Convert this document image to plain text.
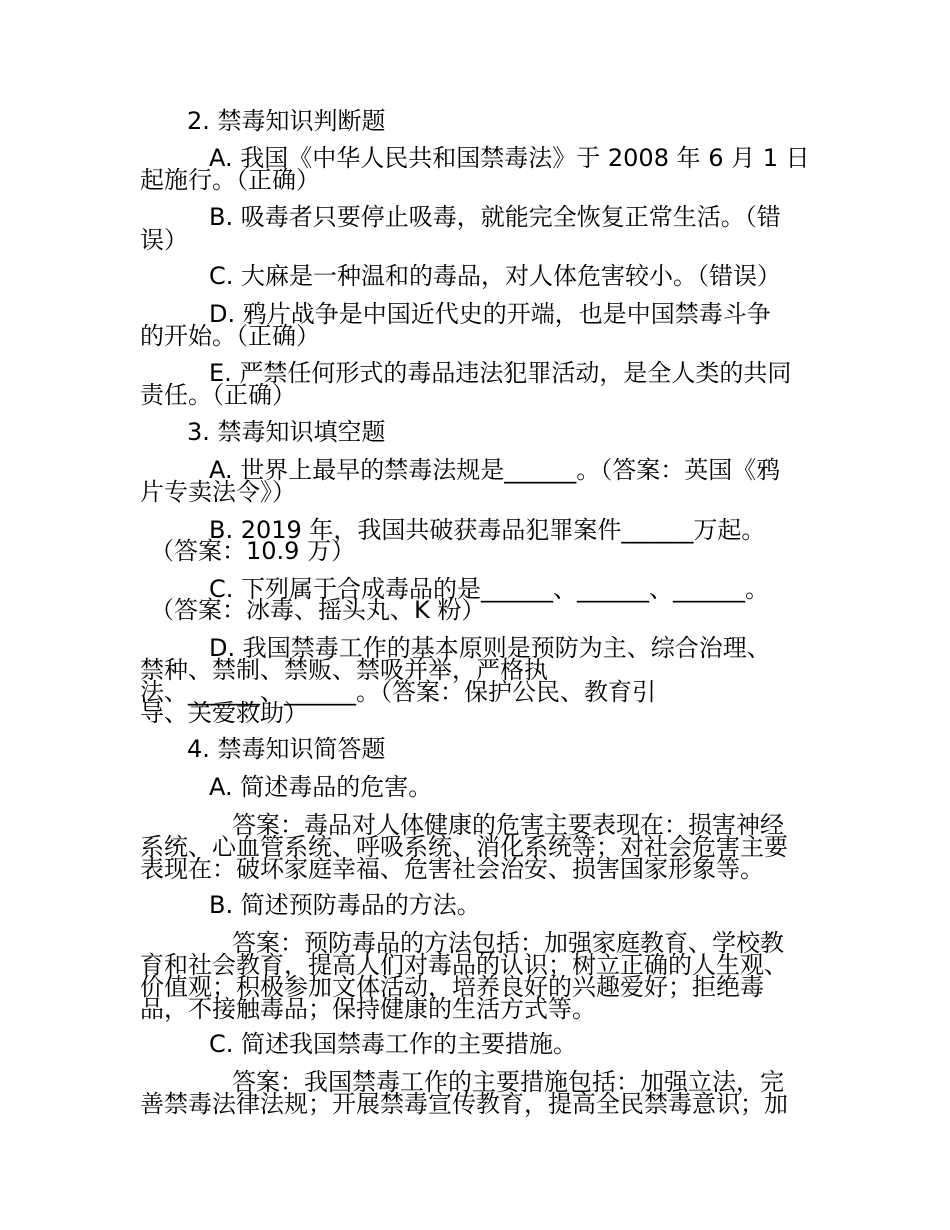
2. 禁毒知识判断题
A. 我国《中华人民共和国禁毒法》于 2008 年 6 月 1 日
起施行。（正确）
B. 吸毒者只要停止吸毒，就能完全恢复正常生活。（错
误）
C. 大麻是一种温和的毒品，对人体危害较小。（错误）
D. 鸦片战争是中国近代史的开端，也是中国禁毒斗争
的开始。（正确）
E. 严禁任何形式的毒品违法犯罪活动，是全人类的共同
责任。（正确）
3. 禁毒知识填空题
A. 世界上最早的禁毒法规是______。（答案：英国《鸦
片专卖法令》）
B. 2019 年，我国共破获毒品犯罪案件______万起。
（答案：10.9 万）
C. 下列属于合成毒品的是______、______、______。
（答案：冰毒、摇头丸、K 粉）
D. 我国禁毒工作的基本原则是预防为主、综合治理、
禁种、禁制、禁贩、禁吸并举，严格执
法、______、______。（答案：保护公民、教育引
导、关爱救助）
4. 禁毒知识简答题
A. 简述毒品的危害。
答案：毒品对人体健康的危害主要表现在：损害神经
系统、心血管系统、呼吸系统、消化系统等；对社会危害主要
表现在：破坏家庭幸福、危害社会治安、损害国家形象等。
B. 简述预防毒品的方法。
答案：预防毒品的方法包括：加强家庭教育、学校教
育和社会教育，提高人们对毒品的认识；树立正确的人生观、
价值观；积极参加文体活动，培养良好的兴趣爱好；拒绝毒
品，不接触毒品；保持健康的生活方式等。
C. 简述我国禁毒工作的主要措施。
答案：我国禁毒工作的主要措施包括：加强立法，完
善禁毒法律法规；开展禁毒宣传教育，提高全民禁毒意识；加
